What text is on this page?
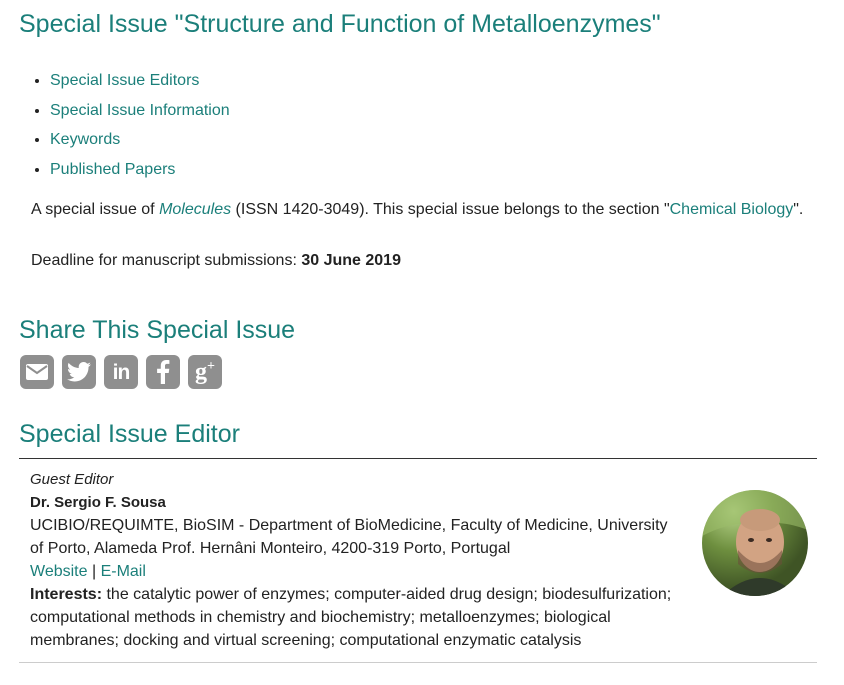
Special Issue "Structure and Function of Metalloenzymes"
• Special Issue Editors
• Special Issue Information
• Keywords
• Published Papers

A special issue of Molecules (ISSN 1420-3049). This special issue belongs to the section "Chemical Biology".

Deadline for manuscript submissions: 30 June 2019

Share This Special Issue
in	g+
Special Issue Editor
Guest Editor
Dr. Sergio F. Sousa
UCIBIO/REQUIMTE, BioSIM - Department of BioMedicine, Faculty of Medicine, University of Porto, Alameda Prof. Hernâni Monteiro, 4200-319 Porto, Portugal
Website | E-Mail
Interests: the catalytic power of enzymes; computer-aided drug design; biodesulfurization; computational methods in chemistry and biochemistry; metalloenzymes; biological membranes; docking and virtual screening; computational enzymatic catalysis
